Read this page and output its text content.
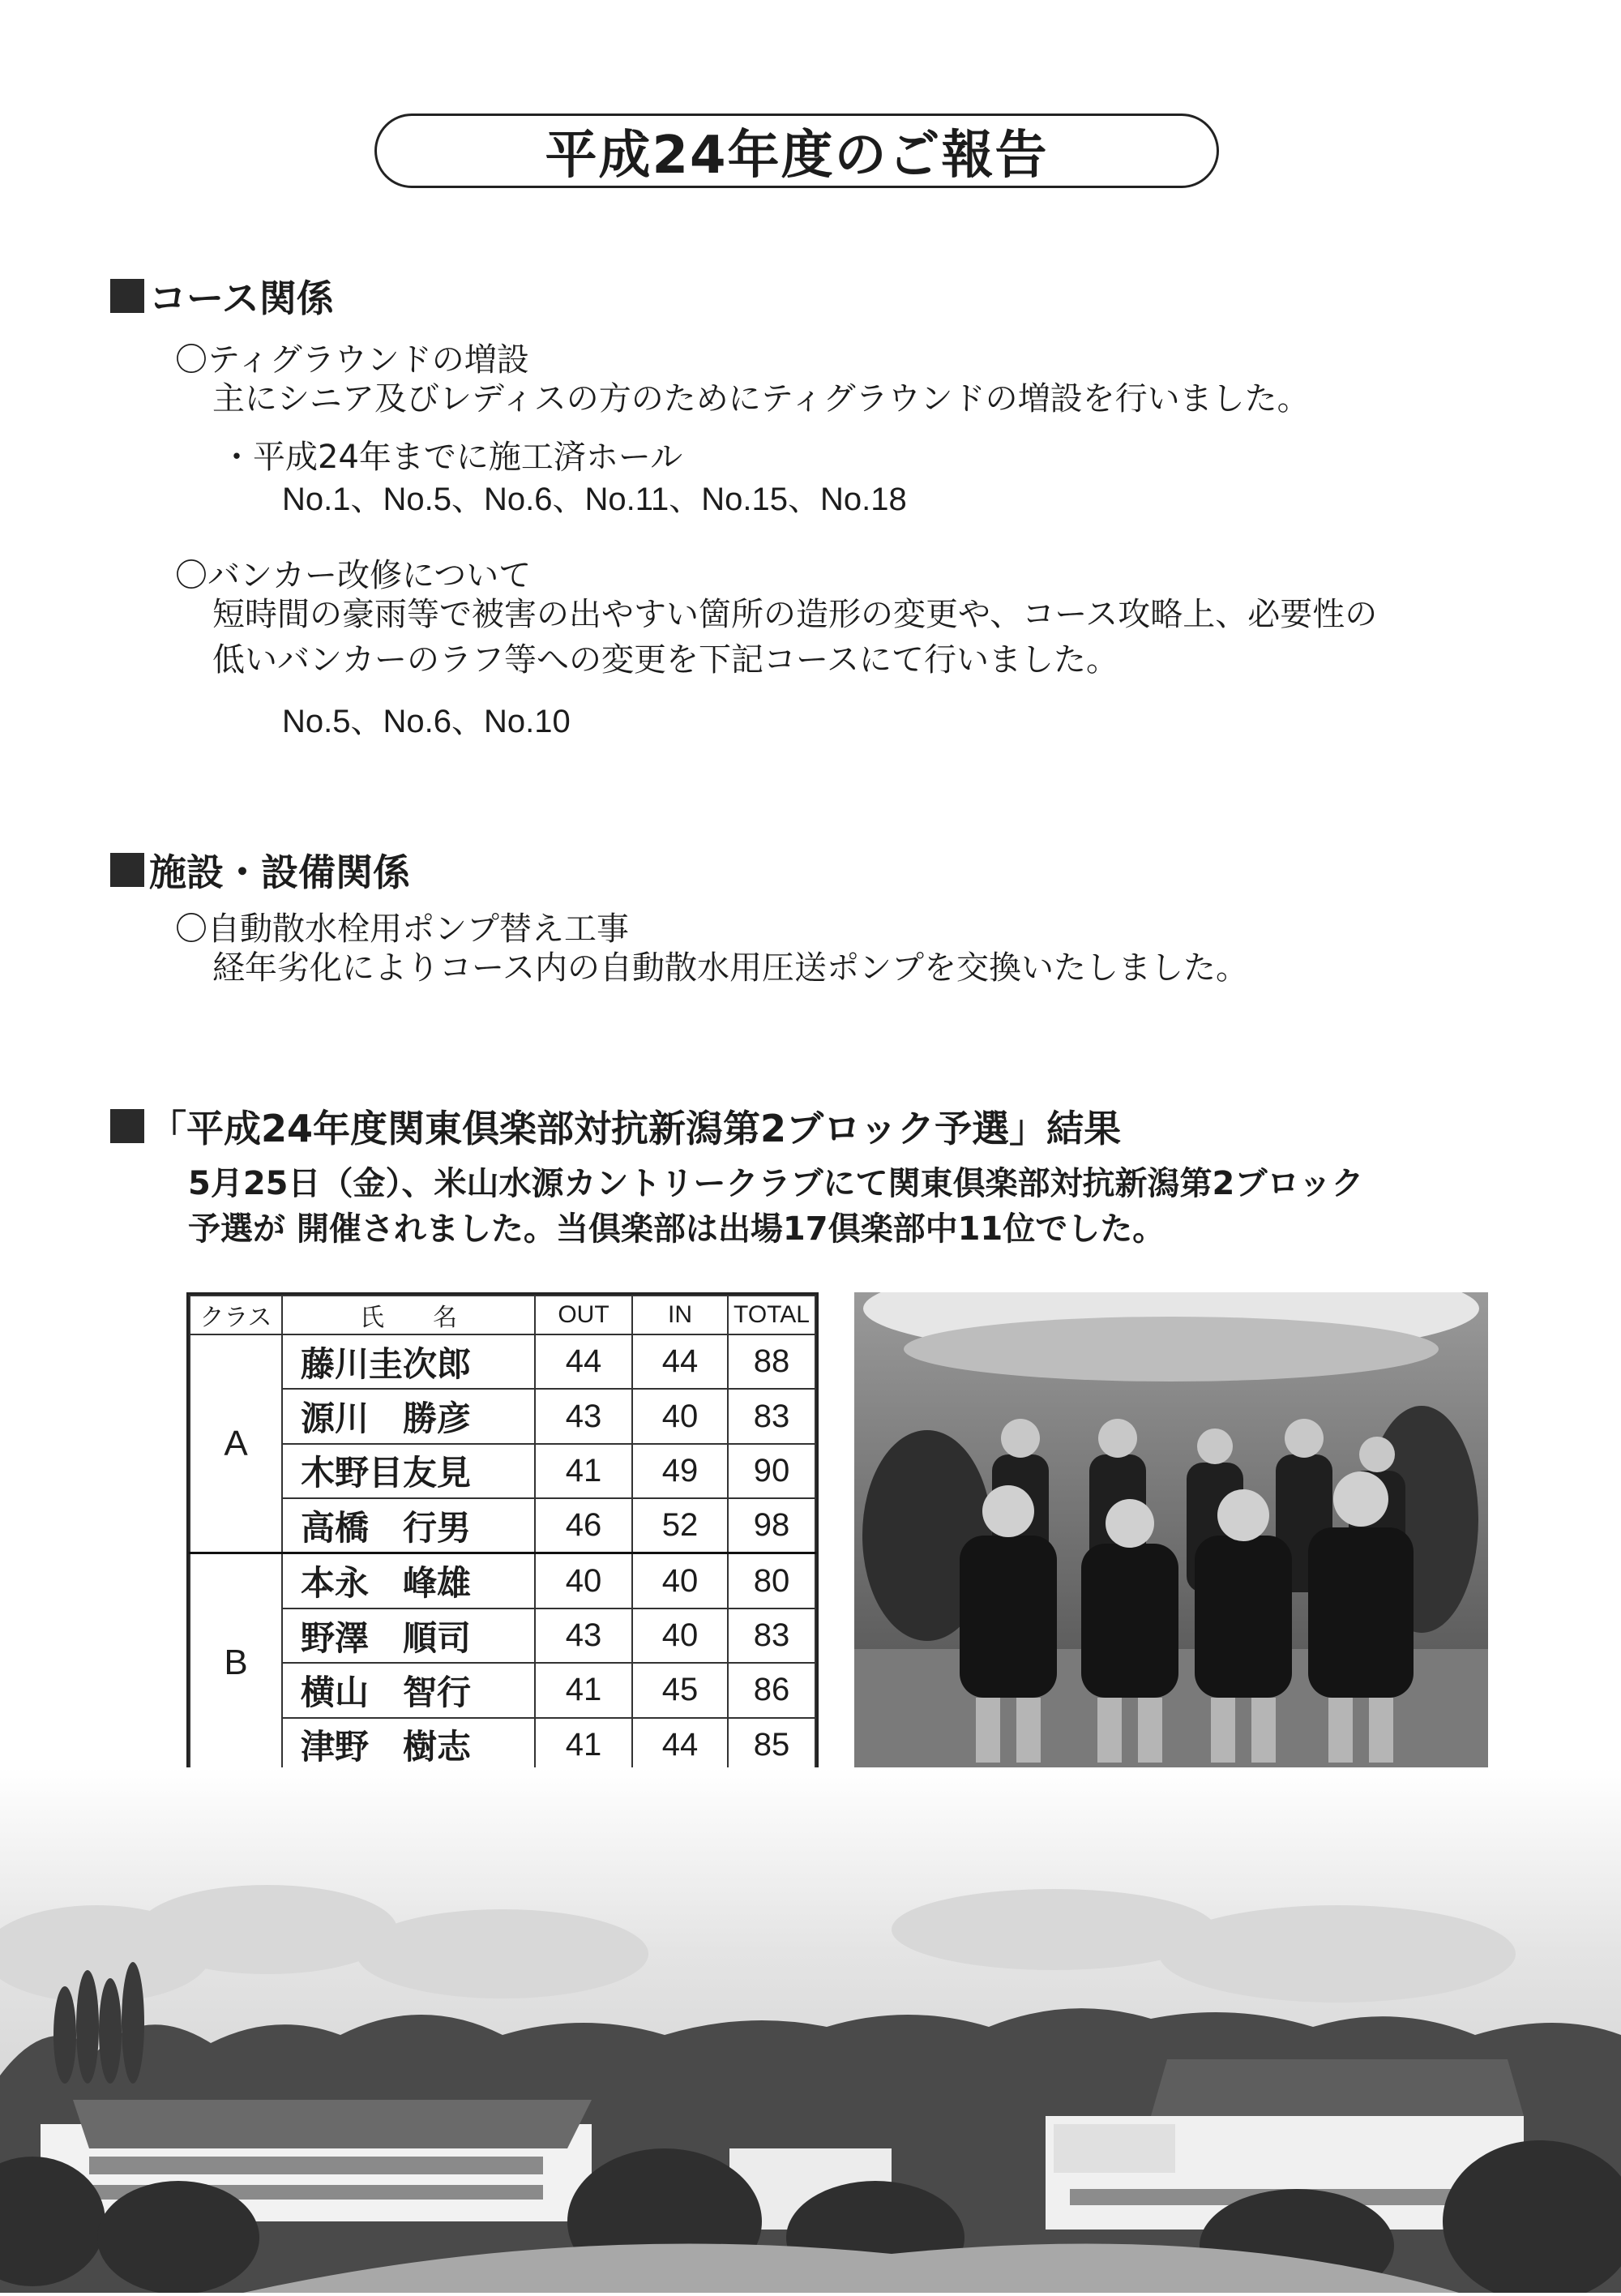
平成24年度のご報告
コース関係
〇ティグラウンドの増設
主にシニア及びレディスの方のためにティグラウンドの増設を行いました。
・平成24年までに施工済ホール
No.1、No.5、No.6、No.11、No.15、No.18
〇バンカー改修について
短時間の豪雨等で被害の出やすい箇所の造形の変更や、コース攻略上、必要性の
低いバンカーのラフ等への変更を下記コースにて行いました。
No.5、No.6、No.10
施設・設備関係
〇自動散水栓用ポンプ替え工事
経年劣化によりコース内の自動散水用圧送ポンプを交換いたしました。
「平成24年度関東倶楽部対抗新潟第2ブロック予選」結果
5月25日（金）、米山水源カントリークラブにて関東倶楽部対抗新潟第2ブロック
予選が 開催されました。当倶楽部は出場17倶楽部中11位でした。
クラス	氏　　名	OUT	IN	TOTAL
A	藤川圭次郎	44	44	88
	源川　勝彦	43	40	83
	木野目友見	41	49	90
	高橋　行男	46	52	98
B	本永　峰雄	40	40	80
	野澤　順司	43	40	83
	横山　智行	41	45	86
	津野　樹志	41	44	85
